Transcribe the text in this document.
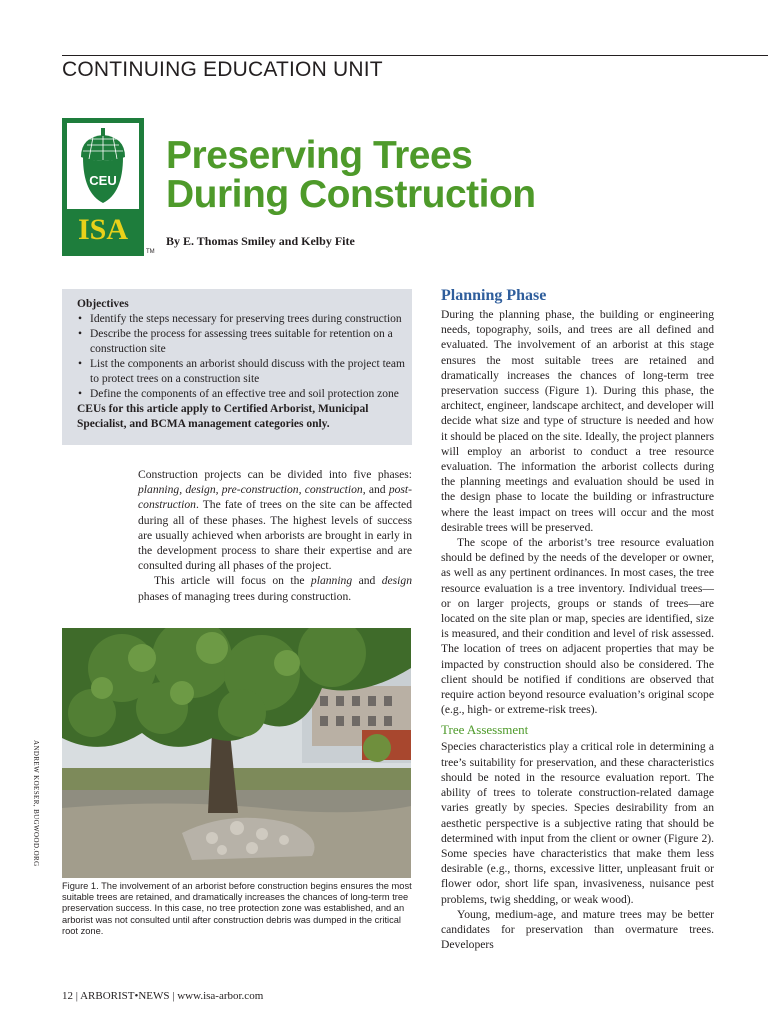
CONTINUING EDUCATION UNIT
CEU
ISA
TM
Preserving Trees
During Construction
By E. Thomas Smiley and Kelby Fite
Objectives
• Identify the steps necessary for preserving trees during construction
• Describe the process for assessing trees suitable for retention on a construction site
• List the components an arborist should discuss with the project team to protect trees on a construction site
• Define the components of an effective tree and soil protection zone
CEUs for this article apply to Certified Arborist, Municipal Specialist, and BCMA management categories only.

Construction projects can be divided into five phases: planning, design, pre-construction, construction, and post-construction. The fate of trees on the site can be affected during all of these phases. The highest levels of success are usually achieved when arborists are brought in early in the development process to share their expertise and are consulted during all phases of the project.

This article will focus on the planning and design phases of managing trees during construction.

ANDREW KOESER, BUGWOOD.ORG
Figure 1. The involvement of an arborist before construction begins ensures the most suitable trees are retained, and dramatically increases the chances of long-term tree preservation success. In this case, no tree protection zone was established, and an arborist was not consulted until after construction debris was dumped in the critical root zone.
Planning Phase

During the planning phase, the building or engineering needs, topography, soils, and trees are all defined and evaluated. The involvement of an arborist at this stage ensures the most suitable trees are retained and dramatically increases the chances of long-term tree preservation success (Figure 1). During this phase, the architect, engineer, landscape architect, and developer will decide what size and type of structure is needed and how it should be placed on the site. Ideally, the project planners will employ an arborist to conduct a tree resource evaluation. The information the arborist collects during the planning meetings and evaluation should be used in the design phase to locate the building or infrastructure where the least impact on trees will occur and the most desirable trees will be preserved.

The scope of the arborist’s tree resource evaluation should be defined by the needs of the developer or owner, as well as any pertinent ordinances. In most cases, the tree resource evaluation is a tree inventory. Individual trees—or on larger projects, groups or stands of trees—are located on the site plan or map, species are identified, size is measured, and their condition and level of risk assessed. The location of trees on adjacent properties that may be impacted by construction should also be considered. The client should be notified if conditions are observed that require action beyond resource evaluation’s original scope (e.g., high- or extreme-risk trees).

Tree Assessment

Species characteristics play a critical role in determining a tree’s suitability for preservation, and these characteristics should be noted in the resource evaluation report. The ability of trees to tolerate construction-related damage varies greatly by species. Species desirability from an aesthetic perspective is a subjective rating that should be determined with input from the client or owner (Figure 2). Some species have characteristics that make them less desirable (e.g., thorns, excessive litter, unpleasant fruit or flower odor, short life span, invasiveness, nuisance pest problems, twig shedding, or weak wood).

Young, medium-age, and mature trees may be better candidates for preservation than overmature trees. Developers

12 | ARBORIST•NEWS | www.isa-arbor.com
